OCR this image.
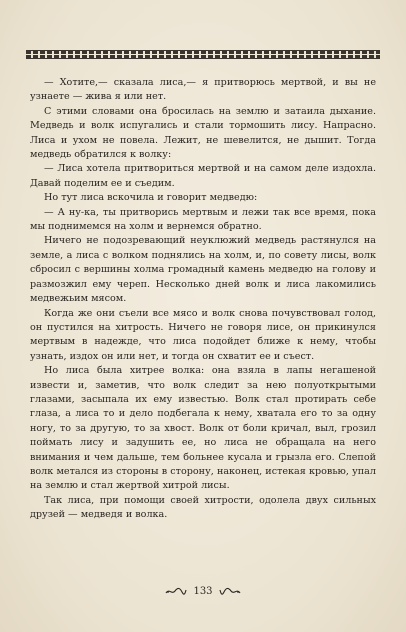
— Хотите,— сказала лиса,— я притворюсь мертвой, и вы не узнаете — жива я или нет.

С этими словами она бросилась на землю и затаила дыхание. Медведь и волк испугались и стали тормошить лису. Напрасно. Лиса и ухом не повела. Лежит, не шевелится, не дышит. Тогда медведь обратился к волку:

— Лиса хотела притвориться мертвой и на самом деле издохла. Давай поделим ее и съедим.

Но тут лиса вскочила и говорит медведю:

— А ну-ка, ты притворись мертвым и лежи так все время, пока мы поднимемся на холм и вернемся обратно.

Ничего не подозревающий неуклюжий медведь растянулся на земле, а лиса с волком поднялись на холм, и, по совету лисы, волк сбросил с вершины холма громадный камень медведю на голову и размозжил ему череп. Несколько дней волк и лиса лакомились медвежьим мясом.

Когда же они съели все мясо и волк снова почувствовал голод, он пустился на хитрость. Ничего не говоря лисе, он прикинулся мертвым в надежде, что лиса подойдет ближе к нему, чтобы узнать, издох он или нет, и тогда он схватит ее и съест.

Но лиса была хитрее волка: она взяла в лапы негашеной извести и, заметив, что волк следит за нею полуоткрытыми глазами, засыпала их ему известью. Волк стал протирать себе глаза, а лиса то и дело подбегала к нему, хватала его то за одну ногу, то за другую, то за хвост. Волк от боли кричал, выл, грозил поймать лису и задушить ее, но лиса не обращала на него внимания и чем дальше, тем больнее кусала и грызла его. Слепой волк метался из стороны в сторону, наконец, истекая кровью, упал на землю и стал жертвой хитрой лисы.

Так лиса, при помощи своей хитрости, одолела двух сильных друзей — медведя и волка.

133
